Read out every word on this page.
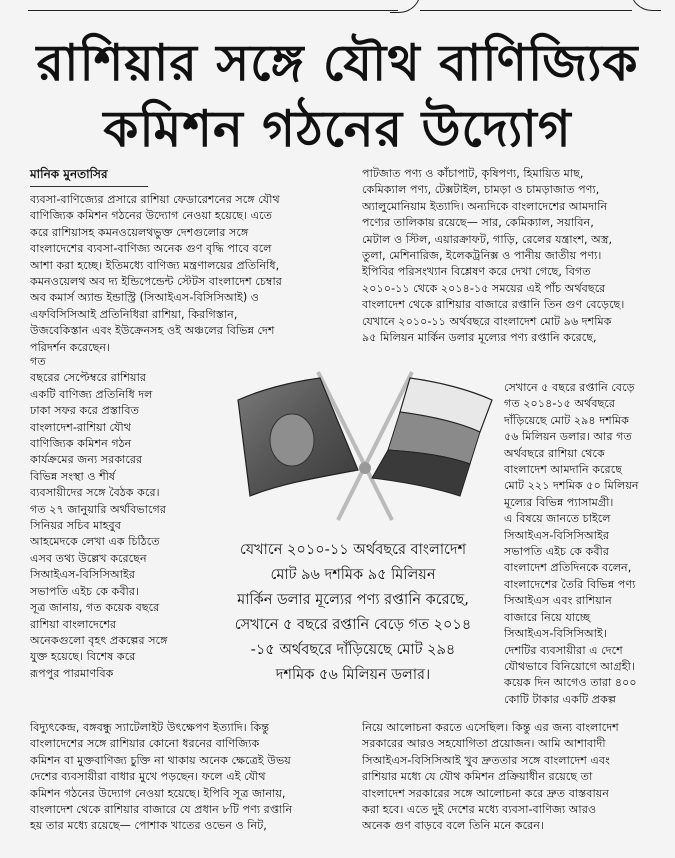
রাশিয়ার সঙ্গে যৌথ বাণিজ্যিক
কমিশন গঠনের উদ্যোগ
মানিক মুনতাসির
ব্যবসা-বাণিজ্যের প্রসারে রাশিয়া ফেডারেশনের সঙ্গে যৌথ
বাণিজ্যিক কমিশন গঠনের উদ্যোগ নেওয়া হয়েছে। এতে
করে রাশিয়াসহ কমনওয়েলথভুক্ত দেশগুলোর সঙ্গে
বাংলাদেশের ব্যবসা-বাণিজ্য অনেক গুণ বৃদ্ধি পাবে বলে
আশা করা হচ্ছে। ইতিমধ্যে বাণিজ্য মন্ত্রণালয়ের প্রতিনিধি,
কমনওয়েলথ অব দ্য ইন্ডিপেন্ডেন্ট স্টেটস বাংলাদেশ চেম্বার
অব কমার্স অ্যান্ড ইন্ডাস্ট্রি (সিআইএস-বিসিসিআই) ও
এফবিসিসিআই প্রতিনিধিরা রাশিয়া, কিরগিস্তান,
উজবেকিস্তান এবং ইউক্রেনসহ ওই অঞ্চলের বিভিন্ন দেশ
পরিদর্শন করেছেন।
গত
বছরের সেপ্টেম্বরে রাশিয়ার
একটি বাণিজ্য প্রতিনিধি দল
ঢাকা সফর করে প্রস্তাবিত
বাংলাদেশ-রাশিয়া যৌথ
বাণিজ্যিক কমিশন গঠন
কার্যক্রমের জন্য সরকারের
বিভিন্ন সংস্থা ও শীর্ষ
ব্যবসায়ীদের সঙ্গে বৈঠক করে।
গত ২৭ জানুয়ারি অর্থবিভাগের
সিনিয়র সচিব মাহবুব
আহমেদকে লেখা এক চিঠিতে
এসব তথ্য উল্লেখ করেছেন
সিআইএস-বিসিসিআইর
সভাপতি এইচ কে কবীর।
সূত্র জানায়, গত কয়েক বছরে
রাশিয়া বাংলাদেশের
অনেকগুলো বৃহৎ প্রকল্পের সঙ্গে
যুক্ত হয়েছে। বিশেষ করে
রূপপুর পারমাণবিক
পাটজাত পণ্য ও কাঁচাপাট, কৃষিপণ্য, হিমায়িত মাছ,
কেমিক্যাল পণ্য, টেক্সটাইল, চামড়া ও চামড়াজাত পণ্য,
অ্যালুমোনিয়াম ইত্যাদি। অন্যদিকে বাংলাদেশের আমদানি
পণ্যের তালিকায় রয়েছে— সার, কেমিক্যাল, সয়াবিন,
মেটাল ও স্টিল, এয়ারক্রাফট, গাড়ি, রেলের যন্ত্রাংশ, অস্ত্র,
তুলা, মেশিনারিজ, ইলেকট্রনিক্স ও পানীয় জাতীয় পণ্য।
ইপিবির পরিসংখ্যান বিশ্লেষণ করে দেখা গেছে, বিগত
২০১০-১১ থেকে ২০১৪-১৫ সময়ের এই পাঁচ অর্থবছরে
বাংলাদেশ থেকে রাশিয়ার বাজারে রপ্তানি তিন গুণ বেড়েছে।
যেখানে ২০১০-১১ অর্থবছরে বাংলাদেশ মোট ৯৬ দশমিক
৯৫ মিলিয়ন মার্কিন ডলার মূল্যের পণ্য রপ্তানি করেছে,
সেখানে ৫ বছরে রপ্তানি বেড়ে
গত ২০১৪-১৫ অর্থবছরে
দাঁড়িয়েছে মোট ২৯৪ দশমিক
৫৬ মিলিয়ন ডলার। আর গত
অর্থবছরে রাশিয়া থেকে
বাংলাদেশ আমদানি করেছে
মোট ২২১ দশমিক ৫০ মিলিয়ন
মূল্যের বিভিন্ন প্যাসামগ্রী।
এ বিষয়ে জানতে চাইলে
সিআইএস-বিসিসিআইর
সভাপতি এইচ কে কবীর
বাংলাদেশ প্রতিদিনকে বলেন,
বাংলাদেশের তৈরি বিভিন্ন পণ্য
সিআইএস এবং রাশিয়ান
বাজারে নিয়ে যাচ্ছে
সিআইএস-বিসিসিআই।
দেশটির ব্যবসায়ীরা এ দেশে
যৌথভাবে বিনিয়োগে আগ্রহী।
কয়েক দিন আগেও তারা ৪০০
কোটি টাকার একটি প্রকল্প
বিদ্যুৎকেন্দ্র, বঙ্গবন্ধু স্যাটেলাইট উৎক্ষেপণ ইত্যাদি। কিন্তু
বাংলাদেশের সঙ্গে রাশিয়ার কোনো ধরনের বাণিজ্যিক
কমিশন বা মুক্তবাণিজ্য চুক্তি না থাকায় অনেক ক্ষেত্রেই উভয়
দেশের ব্যবসায়ীরা বাধার মুখে পড়ছেন। ফলে এই যৌথ
কমিশন গঠনের উদ্যোগ নেওয়া হয়েছে। ইপিবি সূত্র জানায়,
বাংলাদেশ থেকে রাশিয়ার বাজারে যে প্রধান ৮টি পণ্য রপ্তানি
হয় তার মধ্যে রয়েছে— পোশাক খাতের ওভেন ও নিট,
নিয়ে আলোচনা করতে এসেছিল। কিন্তু এর জন্য বাংলাদেশ
সরকারের আরও সহযোগিতা প্রয়োজন। আমি আশাবাদী
সিআইএস-বিসিসিআই খুব দ্রুততার সঙ্গে বাংলাদেশ এবং
রাশিয়ার মধ্যে যে যৌথ কমিশন প্রক্রিয়াধীন রয়েছে তা
বাংলাদেশ সরকারের সঙ্গে আলোচনা করে দ্রুত বাস্তবায়ন
করা হবে। এতে দুই দেশের মধ্যে ব্যবসা-বাণিজ্য আরও
অনেক গুণ বাড়বে বলে তিনি মনে করেন।
যেখানে ২০১০-১১ অর্থবছরে বাংলাদেশ
মোট ৯৬ দশমিক ৯৫ মিলিয়ন
মার্কিন ডলার মূল্যের পণ্য রপ্তানি করেছে,
সেখানে ৫ বছরে রপ্তানি বেড়ে গত ২০১৪
-১৫ অর্থবছরে দাঁড়িয়েছে মোট ২৯৪
দশমিক ৫৬ মিলিয়ন ডলার।
